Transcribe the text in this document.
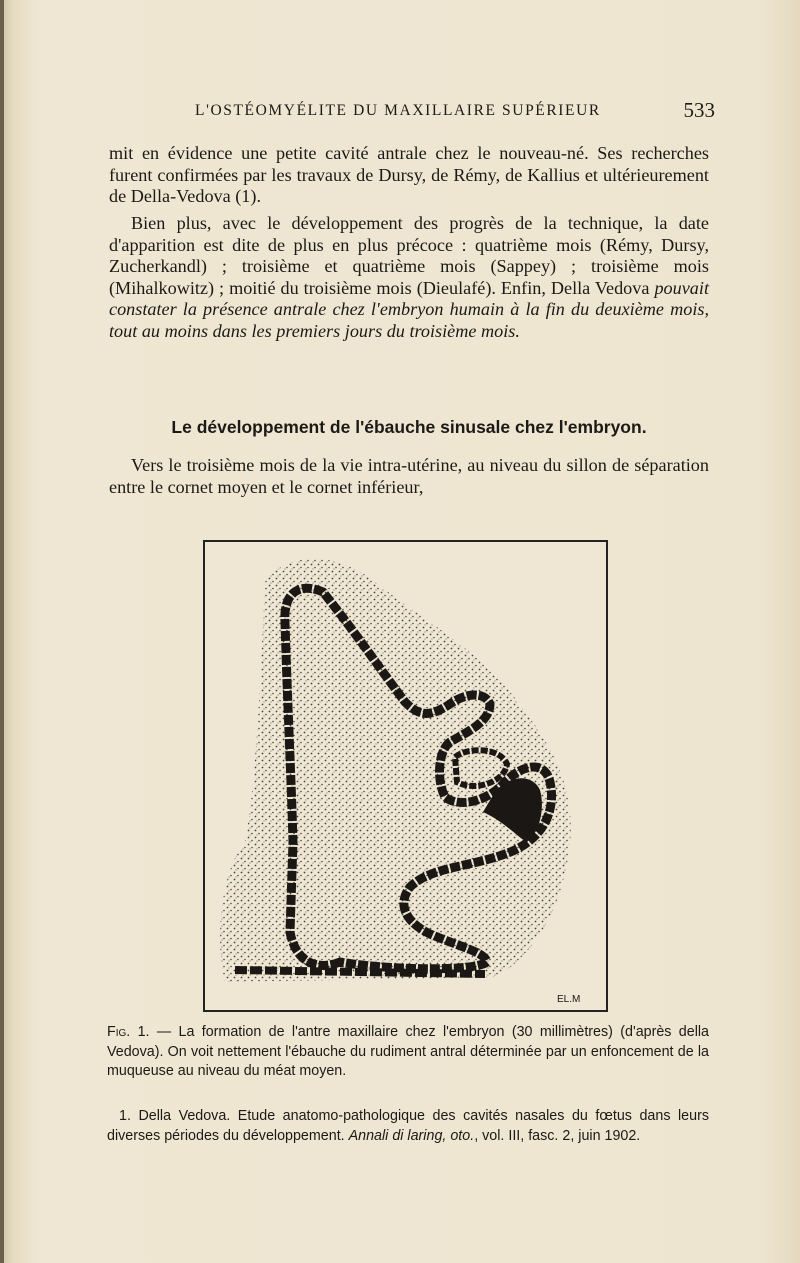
L'OSTÉOMYÉLITE DU MAXILLAIRE SUPÉRIEUR	533

mit en évidence une petite cavité antrale chez le nouveau-né. Ses recherches furent confirmées par les travaux de Dursy, de Rémy, de Kallius et ultérieurement de Della-Vedova (1).

Bien plus, avec le développement des progrès de la technique, la date d'apparition est dite de plus en plus précoce : quatrième mois (Rémy, Dursy, Zucherkandl) ; troisième et quatrième mois (Sappey) ; troisième mois (Mihalkowitz) ; moitié du troisième mois (Dieulafé). Enfin, Della Vedova pouvait constater la présence antrale chez l'embryon humain à la fin du deuxième mois, tout au moins dans les premiers jours du troisième mois.

Le développement de l'ébauche sinusale chez l'embryon.

Vers le troisième mois de la vie intra-utérine, au niveau du sillon de séparation entre le cornet moyen et le cornet inférieur,

EL.M

Fig. 1. — La formation de l'antre maxillaire chez l'embryon (30 millimètres) (d'après della Vedova). On voit nettement l'ébauche du rudiment antral déterminée par un enfoncement de la muqueuse au niveau du méat moyen.

1. Della Vedova. Etude anatomo-pathologique des cavités nasales du fœtus dans leurs diverses périodes du développement. Annali di laring, oto., vol. III, fasc. 2, juin 1902.
